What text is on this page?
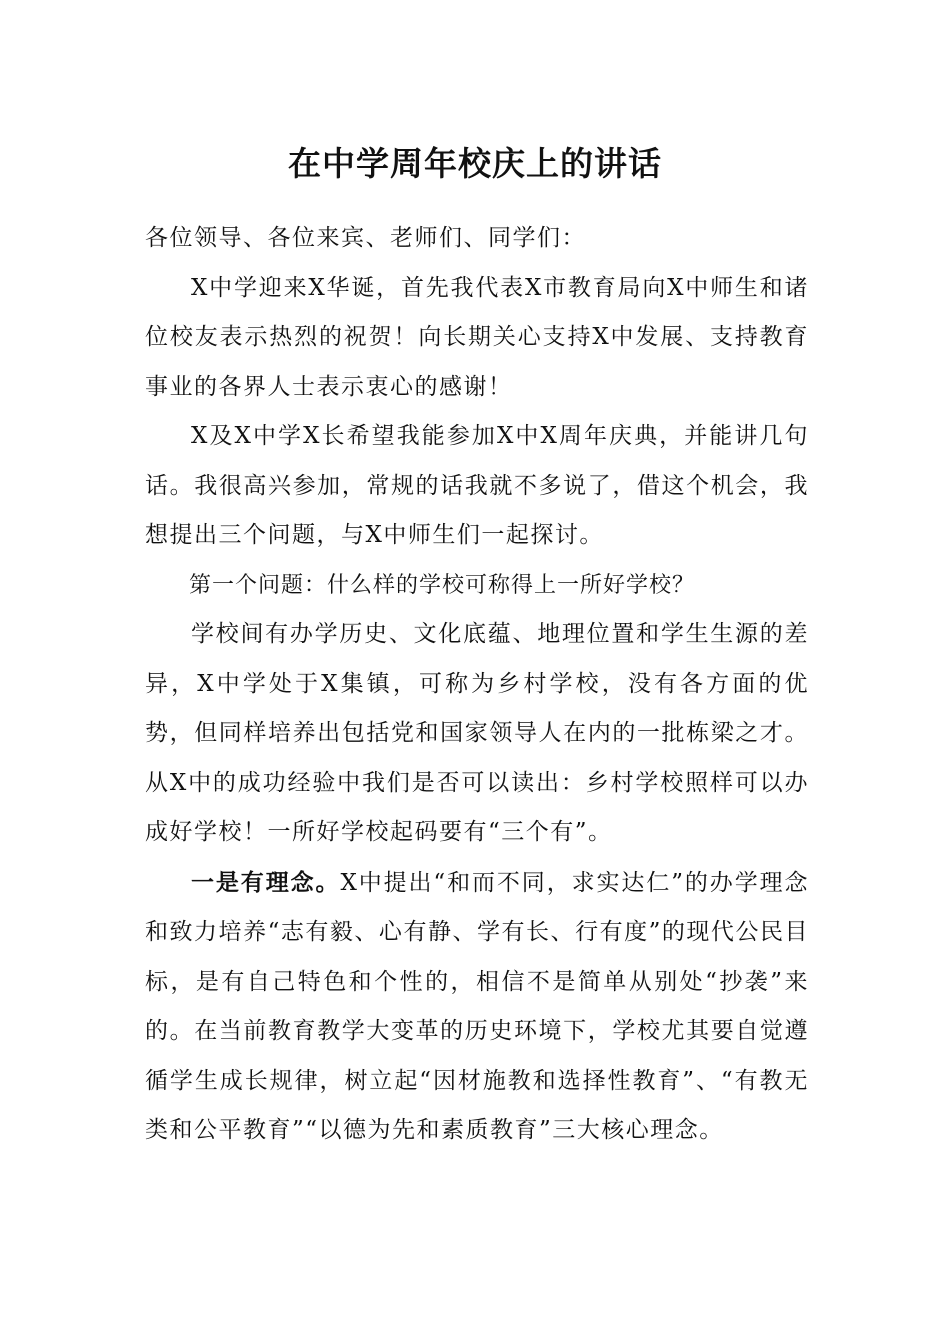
在中学周年校庆上的讲话

各位领导、各位来宾、老师们、同学们：

X中学迎来X华诞，首先我代表X市教育局向X中师生和诸位校友表示热烈的祝贺！向长期关心支持X中发展、支持教育事业的各界人士表示衷心的感谢！

X及X中学X长希望我能参加X中X周年庆典，并能讲几句话。我很高兴参加，常规的话我就不多说了，借这个机会，我想提出三个问题，与X中师生们一起探讨。

第一个问题：什么样的学校可称得上一所好学校？

学校间有办学历史、文化底蕴、地理位置和学生生源的差异，X中学处于X集镇，可称为乡村学校，没有各方面的优势，但同样培养出包括党和国家领导人在内的一批栋梁之才。从X中的成功经验中我们是否可以读出：乡村学校照样可以办成好学校！一所好学校起码要有“三个有”。

一是有理念。X中提出“和而不同，求实达仁”的办学理念和致力培养“志有毅、心有静、学有长、行有度”的现代公民目标，是有自己特色和个性的，相信不是简单从别处“抄袭”来的。在当前教育教学大变革的历史环境下，学校尤其要自觉遵循学生成长规律，树立起“因材施教和选择性教育”、“有教无类和公平教育”“以德为先和素质教育”三大核心理念。
